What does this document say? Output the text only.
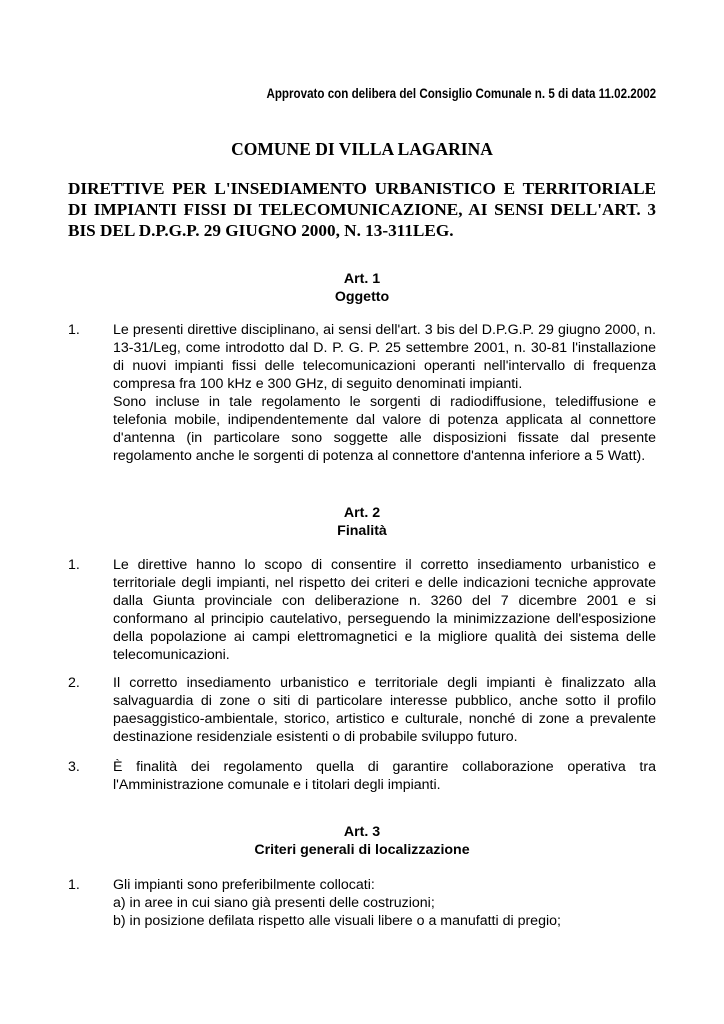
Approvato con delibera del Consiglio Comunale n. 5 di data 11.02.2002
COMUNE DI VILLA LAGARINA
DIRETTIVE PER L'INSEDIAMENTO URBANISTICO E TERRITORIALE DI IMPIANTI FISSI DI TELECOMUNICAZIONE, AI SENSI DELL'ART. 3 BIS DEL D.P.G.P. 29 GIUGNO 2000, N. 13-311LEG.
Art. 1
Oggetto
1.	Le presenti direttive disciplinano, ai sensi dell'art. 3 bis del D.P.G.P. 29 giugno 2000, n. 13-31/Leg, come introdotto dal D. P. G. P. 25 settembre 2001, n. 30-81 l'installazione di nuovi impianti fissi delle telecomunicazioni operanti nell'intervallo di frequenza compresa fra 100 kHz e 300 GHz, di seguito denominati impianti.
Sono incluse in tale regolamento le sorgenti di radiodiffusione, telediffusione e telefonia mobile, indipendentemente dal valore di potenza applicata al connettore d'antenna (in particolare sono soggette alle disposizioni fissate dal presente regolamento anche le sorgenti di potenza al connettore d'antenna inferiore a 5 Watt).
Art. 2
Finalità
1.	Le direttive hanno lo scopo di consentire il corretto insediamento urbanistico e territoriale degli impianti, nel rispetto dei criteri e delle indicazioni tecniche approvate dalla Giunta provinciale con deliberazione n. 3260 del 7 dicembre 2001 e si conformano al principio cautelativo, perseguendo la minimizzazione dell'esposizione della popolazione ai campi elettromagnetici e la migliore qualità dei sistema delle telecomunicazioni.
2.	Il corretto insediamento urbanistico e territoriale degli impianti è finalizzato alla salvaguardia di zone o siti di particolare interesse pubblico, anche sotto il profilo paesaggistico-ambientale, storico, artistico e culturale, nonché di zone a prevalente destinazione residenziale esistenti o di probabile sviluppo futuro.
3.	È finalità dei regolamento quella di garantire collaborazione operativa tra l'Amministrazione comunale e i titolari degli impianti.
Art. 3
Criteri generali di localizzazione
1.	Gli impianti sono preferibilmente collocati:
a) in aree in cui siano già presenti delle costruzioni;
b) in posizione defilata rispetto alle visuali libere o a manufatti di pregio;
